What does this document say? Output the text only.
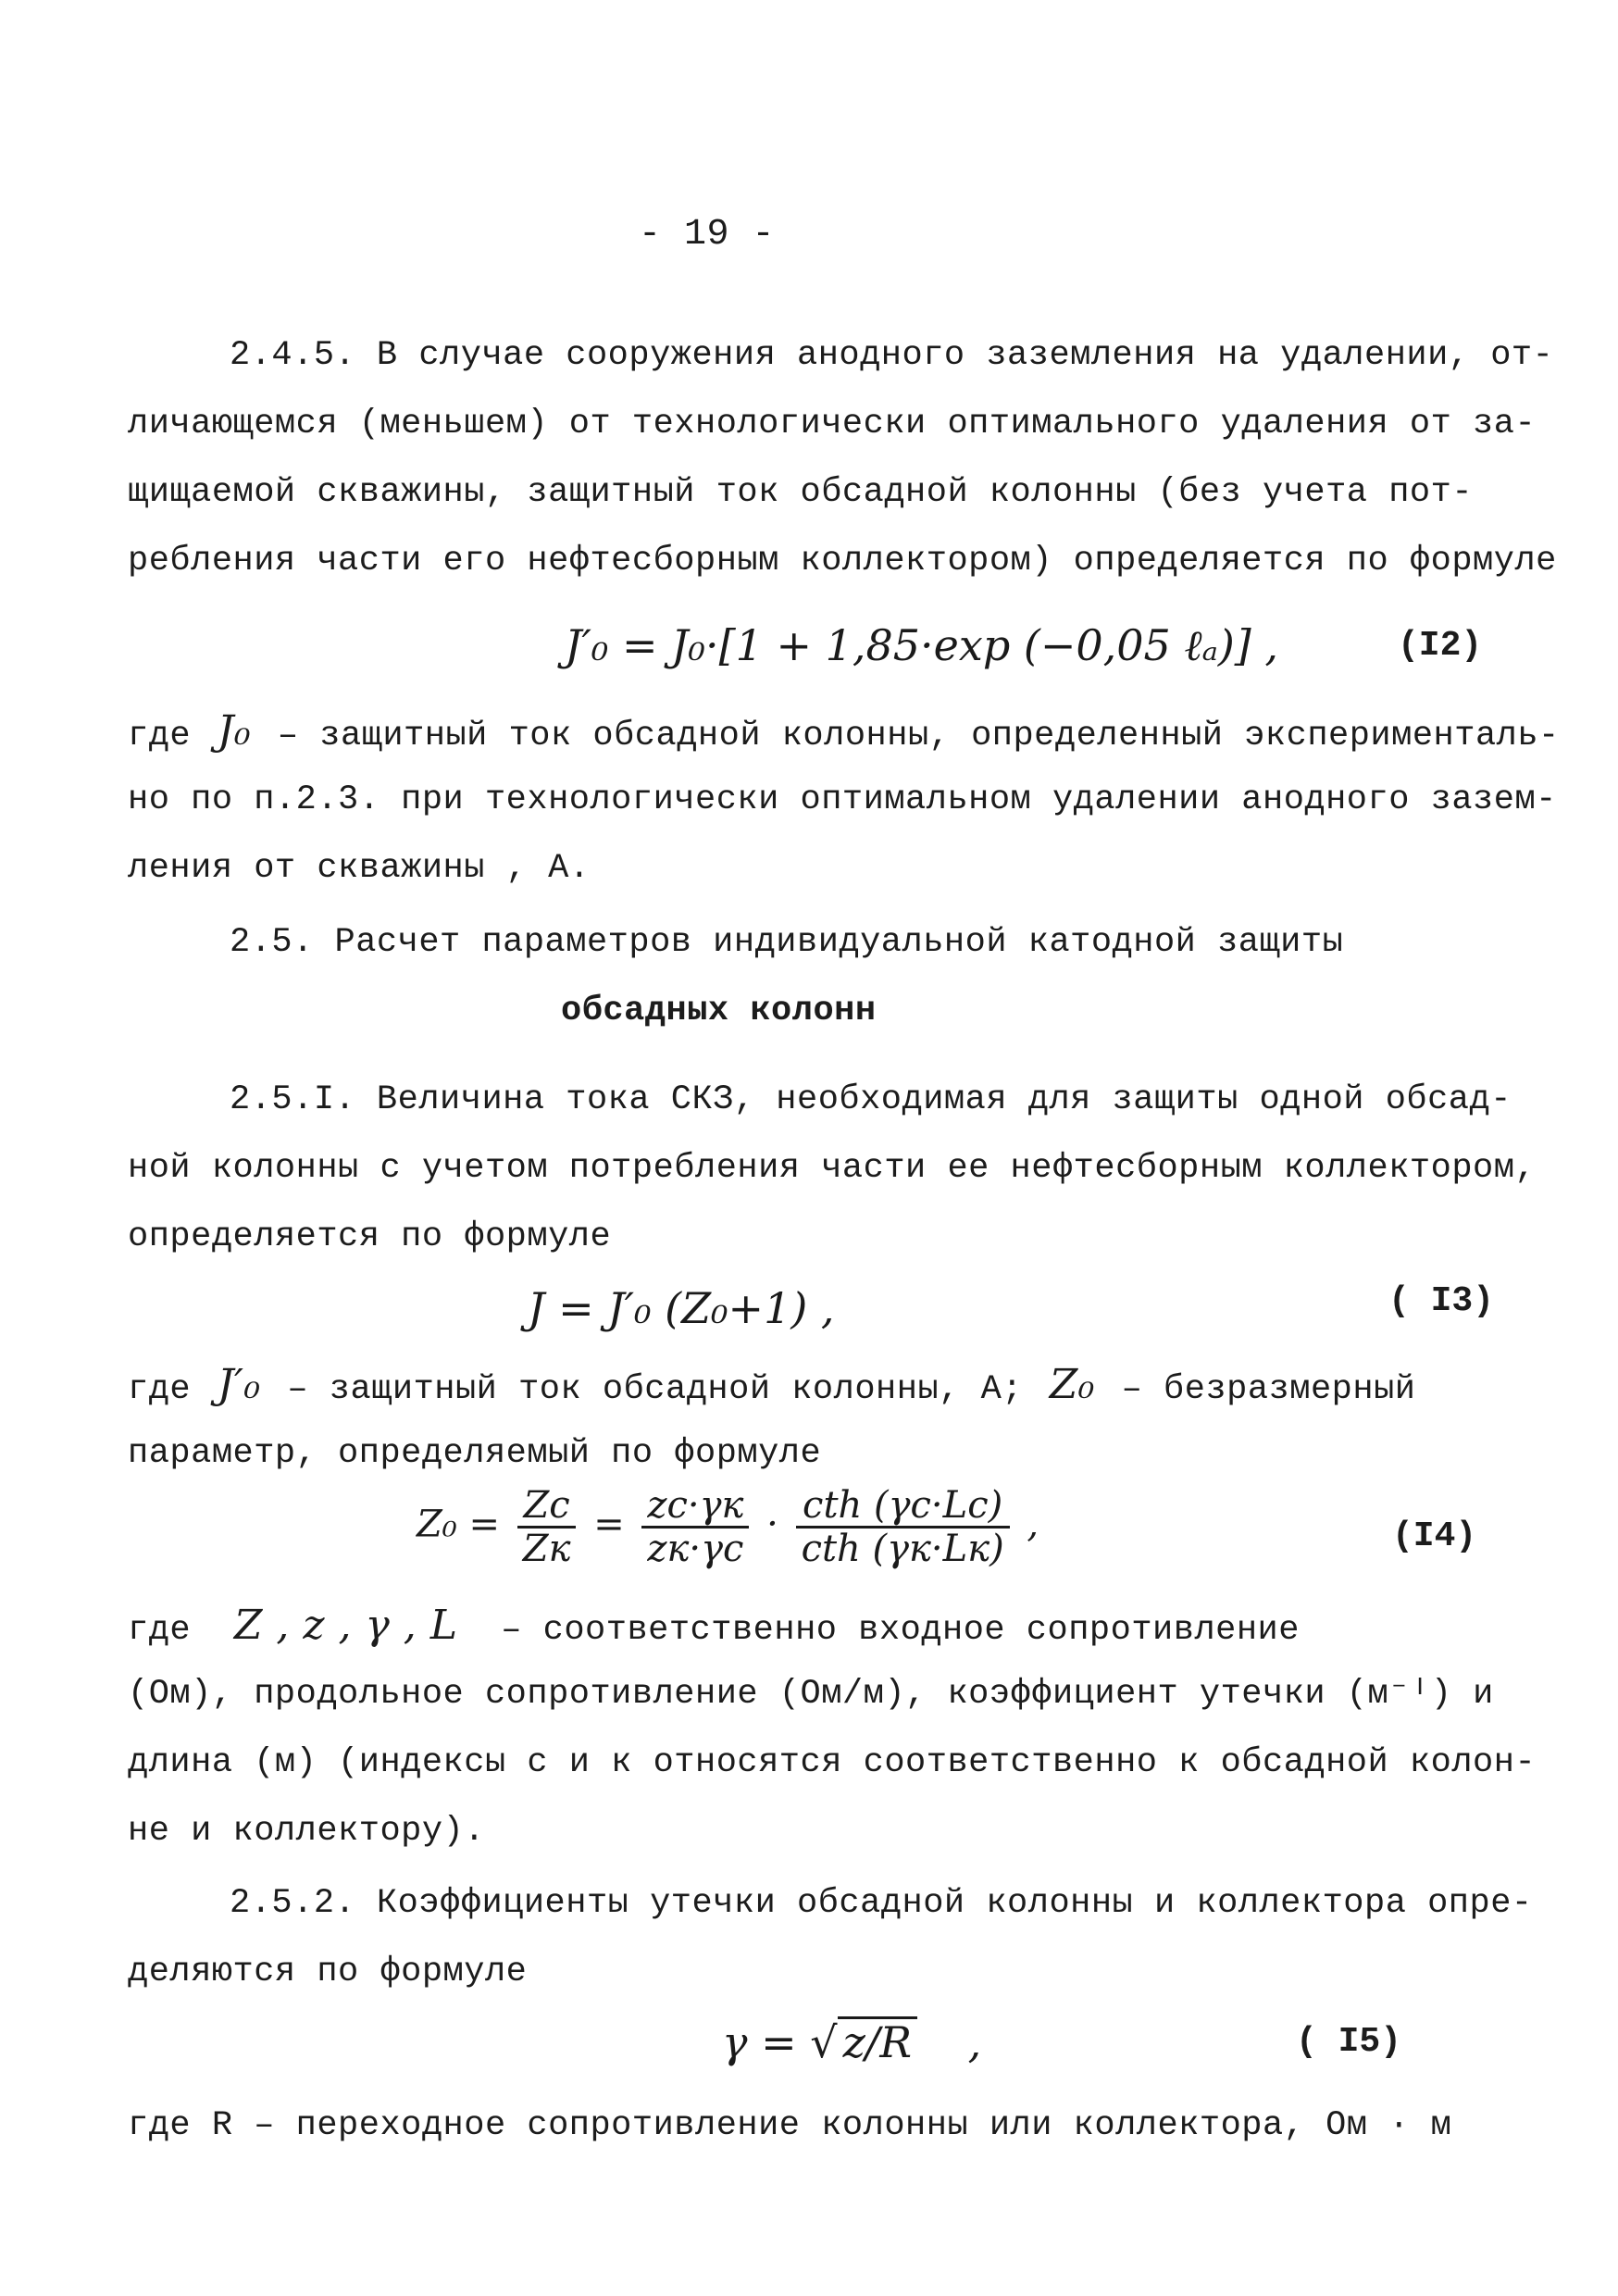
- 19 -
2.4.5. В случае сооружения анодного заземления на удалении, от-
личающемся (меньшем) от технологически оптимального удаления от за-
щищаемой скважины, защитный ток обсадной колонны (без учета пот-
ребления части его нефтесборным коллектором) определяется по формуле
J′₀ = J₀·[1 + 1,85·exp (−0,05 ℓₐ)] ,	(I2)
где J₀ – защитный ток обсадной колонны, определенный эксперименталь-
но по п.2.3. при технологически оптимальном удалении анодного зазем-
ления от скважины , А.
2.5. Расчет параметров индивидуальной катодной защиты
обсадных колонн
2.5.I. Величина тока СКЗ, необходимая для защиты одной обсад-
ной колонны с учетом потребления части ее нефтесборным коллектором,
определяется по формуле
J = J′₀ (Z₀+1) ,	( I3)
где J′₀ – защитный ток обсадной колонны, А; Z₀ – безразмерный
параметр, определяемый по формуле
$Z_0 = \frac{Zc}{Zк} = \frac{zc\cdot\gamma к}{zк\cdot\gamma c} \cdot \frac{\text{cth (γc·Lc)}}{\text{cth (γк·Lк)}}$ ,	(I4)
где Z , z , γ , L – соответственно входное сопротивление
(Ом), продольное сопротивление (Ом/м), коэффициент утечки (м⁻ᴵ) и
длина (м) (индексы с и к относятся соответственно к обсадной колон-
не и коллектору).
2.5.2. Коэффициенты утечки обсадной колонны и коллектора опре-
деляются по формуле
γ = √ z/R ,	( I5)
где R – переходное сопротивление колонны или коллектора, Ом · м
